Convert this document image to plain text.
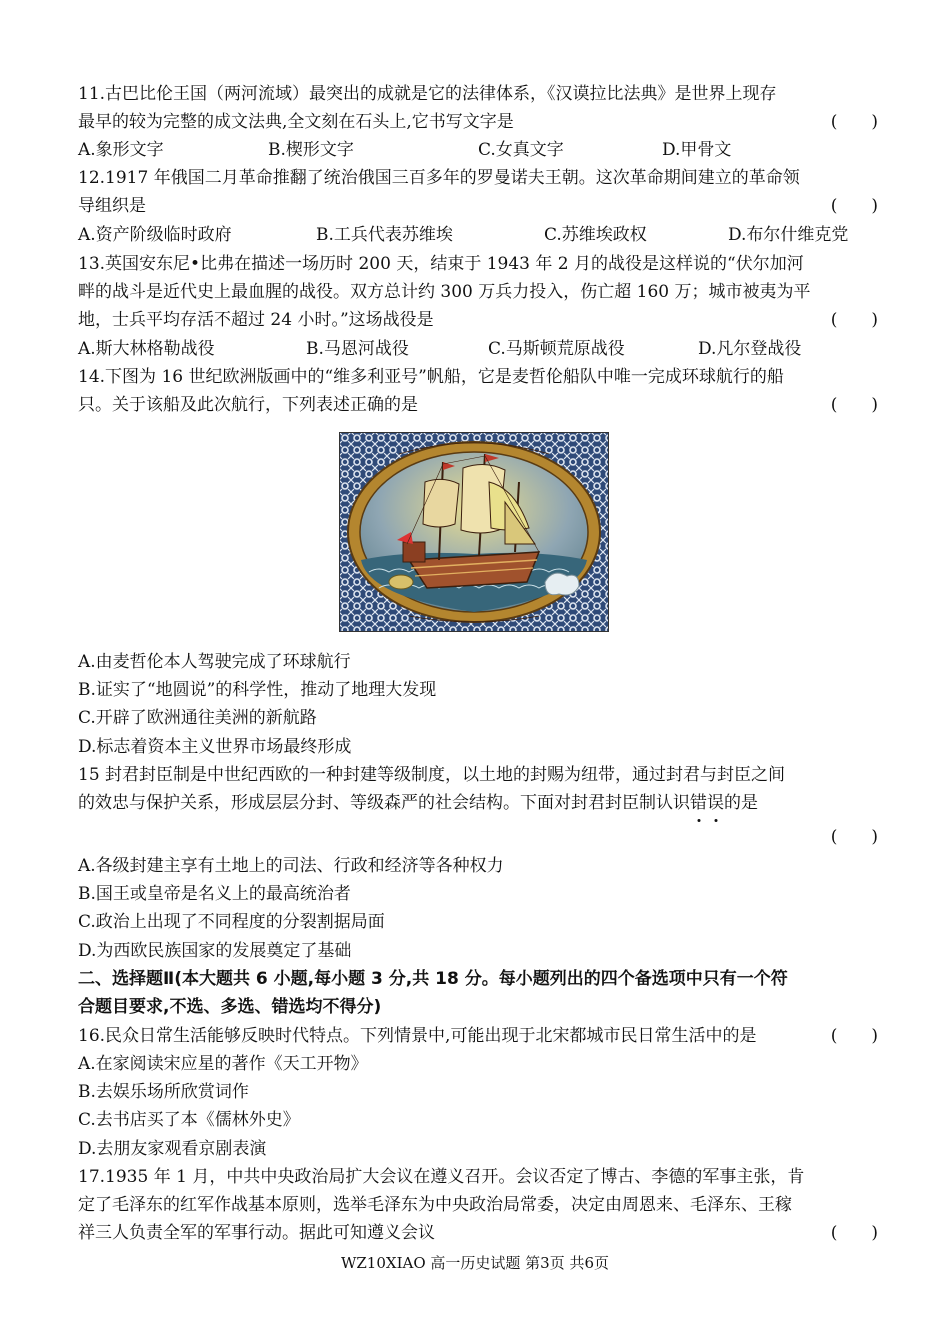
11.古巴比伦王国（两河流域）最突出的成就是它的法律体系，《汉谟拉比法典》是世界上现存
最早的较为完整的成文法典,全文刻在石头上,它书写文字是	(　　)
A.象形文字	B.楔形文字	C.女真文字	D.甲骨文
12.1917 年俄国二月革命推翻了统治俄国三百多年的罗曼诺夫王朝。这次革命期间建立的革命领
导组织是	(　　)
A.资产阶级临时政府	B.工兵代表苏维埃	C.苏维埃政权	D.布尔什维克党
13.英国安东尼•比弗在描述一场历时 200 天，结束于 1943 年 2 月的战役是这样说的“伏尔加河
畔的战斗是近代史上最血腥的战役。双方总计约 300 万兵力投入，伤亡超 160 万；城市被夷为平
地，士兵平均存活不超过 24 小时。”这场战役是	(　　)
A.斯大林格勒战役	B.马恩河战役	C.马斯顿荒原战役	D.凡尔登战役
14.下图为 16 世纪欧洲版画中的“维多利亚号”帆船，它是麦哲伦船队中唯一完成环球航行的船
只。关于该船及此次航行，下列表述正确的是	(　　)
A.由麦哲伦本人驾驶完成了环球航行
B.证实了“地圆说”的科学性，推动了地理大发现
C.开辟了欧洲通往美洲的新航路
D.标志着资本主义世界市场最终形成
15 封君封臣制是中世纪西欧的一种封建等级制度，以土地的封赐为纽带，通过封君与封臣之间
的效忠与保护关系，形成层层分封、等级森严的社会结构。下面对封君封臣制认识错误的是
(　　)
A.各级封建主享有土地上的司法、行政和经济等各种权力
B.国王或皇帝是名义上的最高统治者
C.政治上出现了不同程度的分裂割据局面
D.为西欧民族国家的发展奠定了基础
二、选择题Ⅱ(本大题共 6 小题,每小题 3 分,共 18 分。每小题列出的四个备选项中只有一个符
合题目要求,不选、多选、错选均不得分)
16.民众日常生活能够反映时代特点。下列情景中,可能出现于北宋都城市民日常生活中的是	(　　)
A.在家阅读宋应星的著作《天工开物》
B.去娱乐场所欣赏词作
C.去书店买了本《儒林外史》
D.去朋友家观看京剧表演
17.1935 年 1 月，中共中央政治局扩大会议在遵义召开。会议否定了博古、李德的军事主张，肯
定了毛泽东的红军作战基本原则，选举毛泽东为中央政治局常委，决定由周恩来、毛泽东、王稼
祥三人负责全军的军事行动。据此可知遵义会议	(　　)
WZ10XIAO 高一历史试题 第3页 共6页
